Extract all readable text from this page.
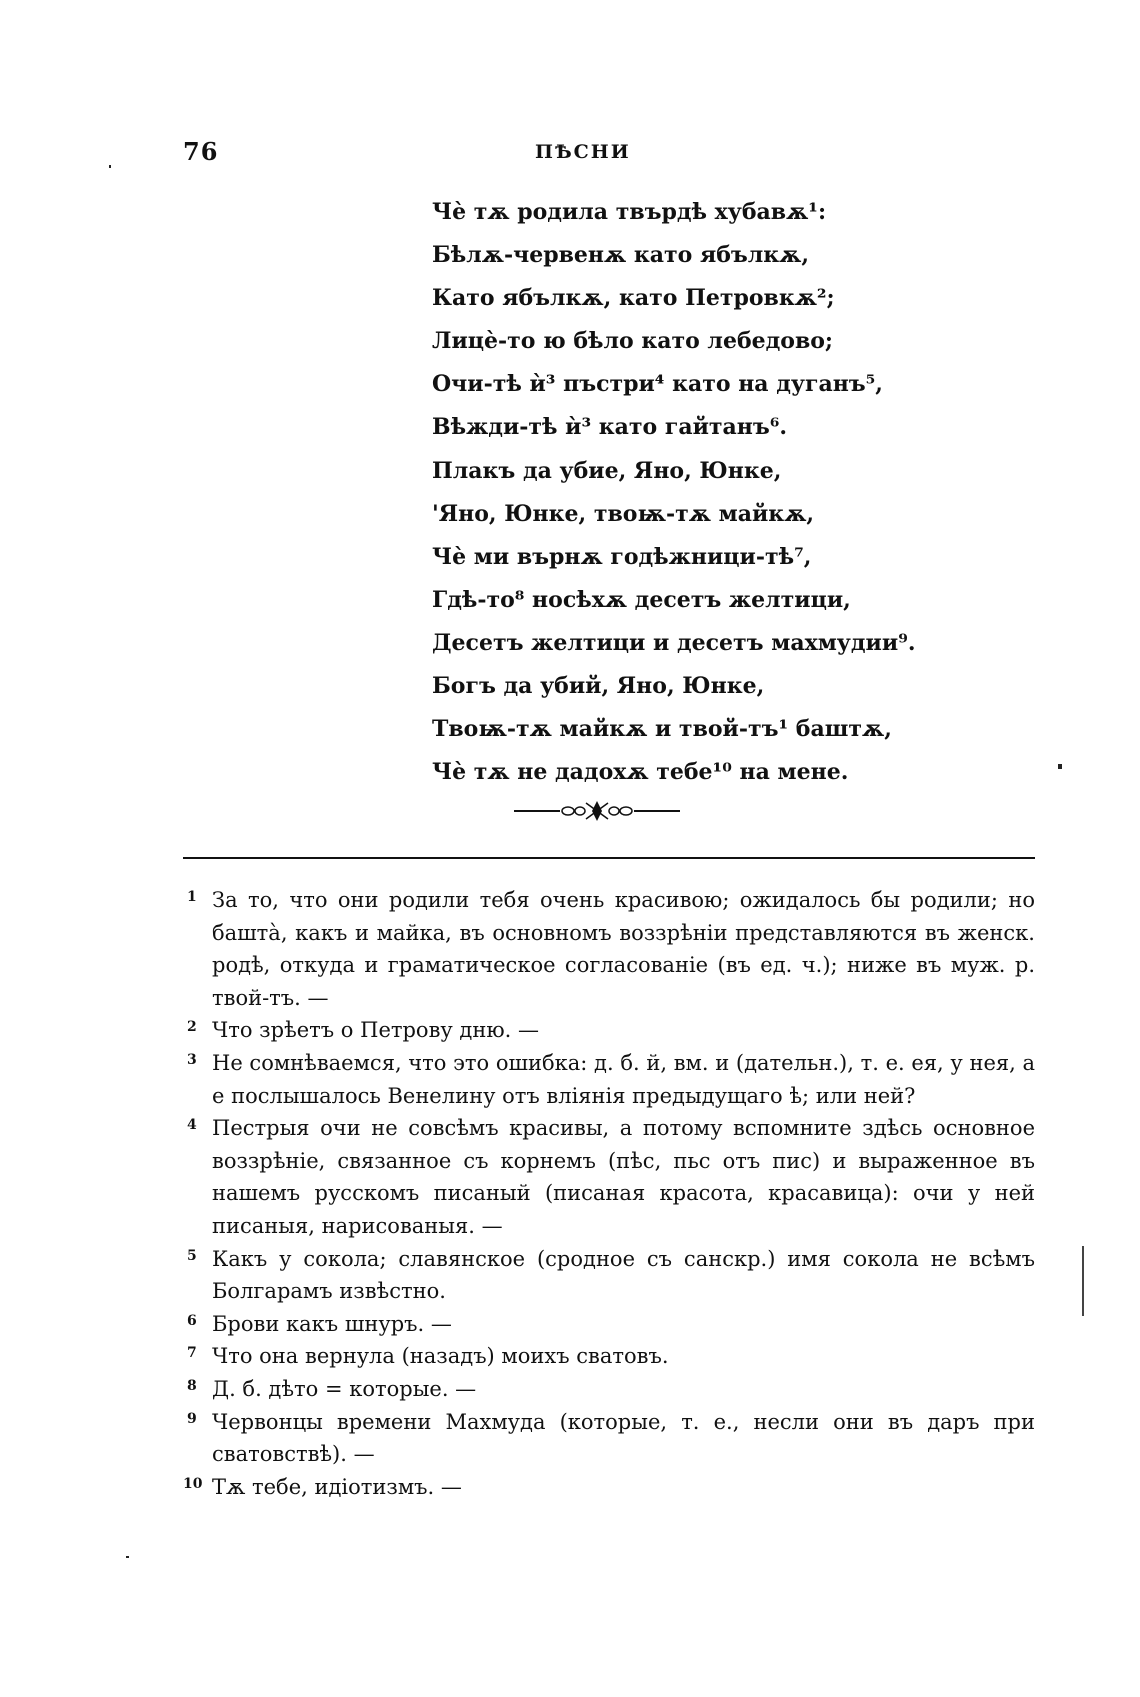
76	ПѢСНИ
Чѐ тѫ родила твърдѣ хубавѫ¹:
Бѣлѫ-червенѫ като ябълкѫ,
Като ябълкѫ, като Петровкѫ²;
Лицѐ-то ю бѣло като лебедово;
Очи-тѣ ѝ³ пъстри⁴ като на дуганъ⁵,
Вѣжди-тѣ ѝ³ като гайтанъ⁶.
Плакъ да убие, Яно, Юнке,
'Яно, Юнке, твоѭ-тѫ майкѫ,
Чѐ ми върнѫ годѣжници-тѣ⁷,
Гдѣ-то⁸ носѣхѫ десетъ желтици,
Десетъ желтици и десетъ махмудии⁹.
Богъ да убий, Яно, Юнке,
Твоѭ-тѫ майкѫ и твой-тъ¹ баштѫ,
Чѐ тѫ не дадохѫ тебе¹⁰ на мене.
1 За то, что они родили тебя очень красивою; ожидалось бы родили; но баштà, какъ и майка, въ основномъ воззрѣніи представляются въ женск. родѣ, откуда и граматическое согласованіе (въ ед. ч.); ниже въ муж. р. твой-тъ. —
2 Что зрѣетъ о Петрову дню. —
3 Не сомнѣваемся, что это ошибка: д. б. й, вм. и (дательн.), т. е. ея, у нея, а е послышалось Венелину отъ вліянія предыдущаго ѣ; или ней?
4 Пестрыя очи не совсѣмъ красивы, а потому вспомните здѣсь основное воззрѣніе, связанное съ корнемъ (пѣс, пьс отъ пис) и выраженное въ нашемъ русскомъ писаный (писаная красота, красавица): очи у ней писаныя, нарисованыя. —
5 Какъ у сокола; славянское (сродное съ санскр.) имя сокола не всѣмъ Болгарамъ извѣстно.
6 Брови какъ шнуръ. —
7 Что она вернула (назадъ) моихъ сватовъ.
8 Д. б. дѣто = которые. —
9 Червонцы времени Махмуда (которые, т. е., несли они въ даръ при сватовствѣ). —
10 Тѫ тебе, идіотизмъ. —
